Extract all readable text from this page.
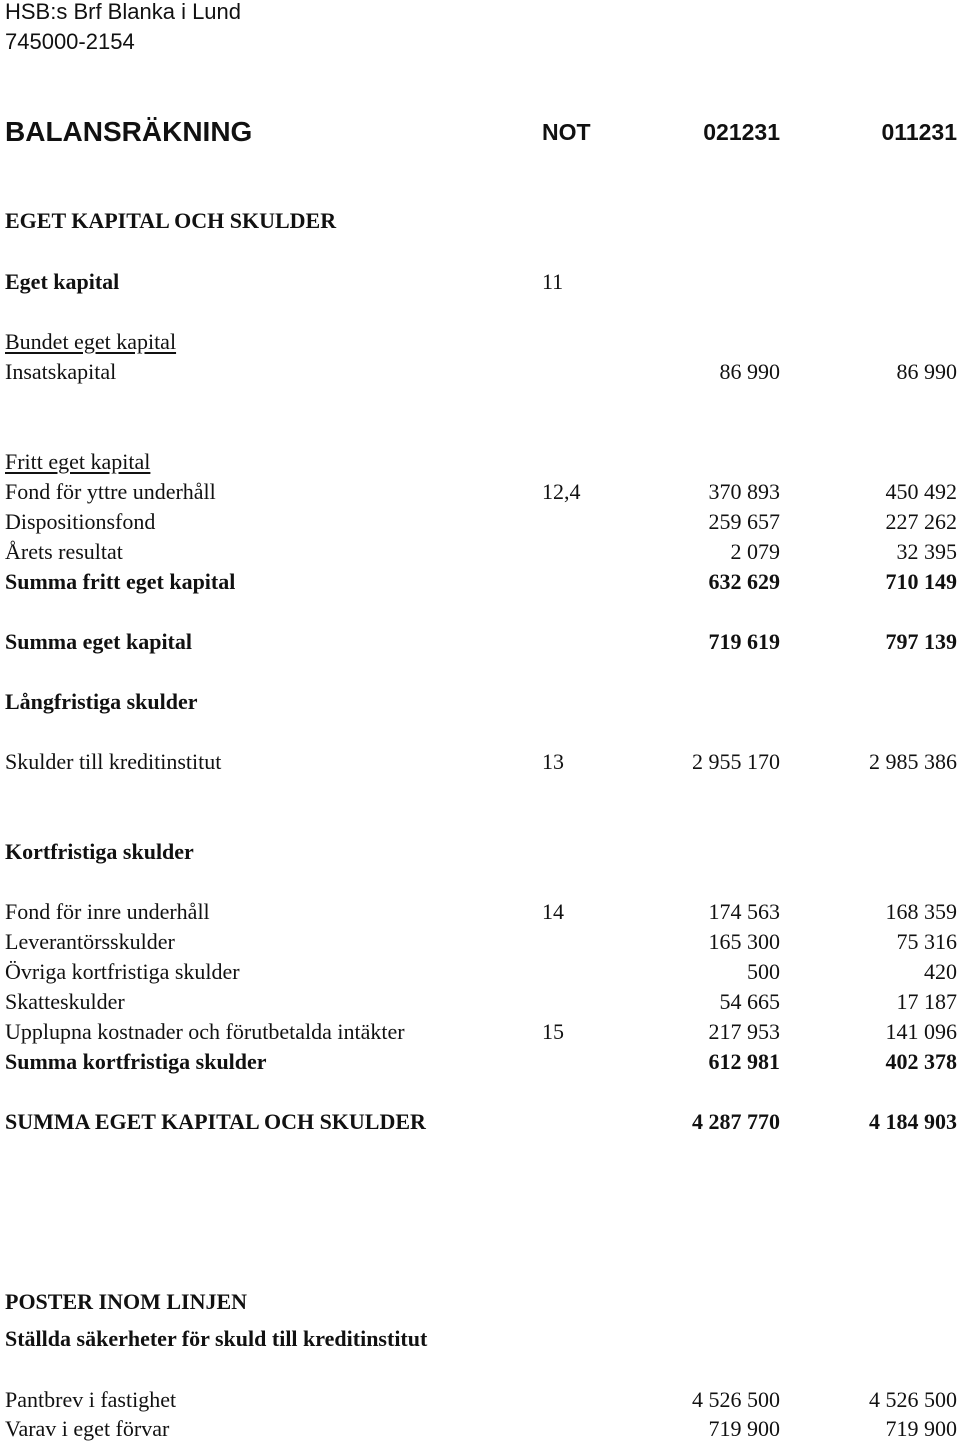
HSB:s Brf Blanka i Lund
745000-2154
BALANSRÄKNING	NOT	021231	011231
EGET KAPITAL OCH SKULDER
Eget kapital	11
Bundet eget kapital
Insatskapital	86 990	86 990
Fritt eget kapital
Fond för yttre underhåll	12,4	370 893	450 492
Dispositionsfond	259 657	227 262
Årets resultat	2 079	32 395
Summa fritt eget kapital	632 629	710 149
Summa eget kapital	719 619	797 139
Långfristiga skulder
Skulder till kreditinstitut	13	2 955 170	2 985 386
Kortfristiga skulder
Fond för inre underhåll	14	174 563	168 359
Leverantörsskulder	165 300	75 316
Övriga kortfristiga skulder	500	420
Skatteskulder	54 665	17 187
Upplupna kostnader och förutbetalda intäkter	15	217 953	141 096
Summa kortfristiga skulder	612 981	402 378
SUMMA EGET KAPITAL OCH SKULDER	4 287 770	4 184 903
POSTER INOM LINJEN
Ställda säkerheter för skuld till kreditinstitut
Pantbrev i fastighet	4 526 500	4 526 500
Varav i eget förvar	719 900	719 900
